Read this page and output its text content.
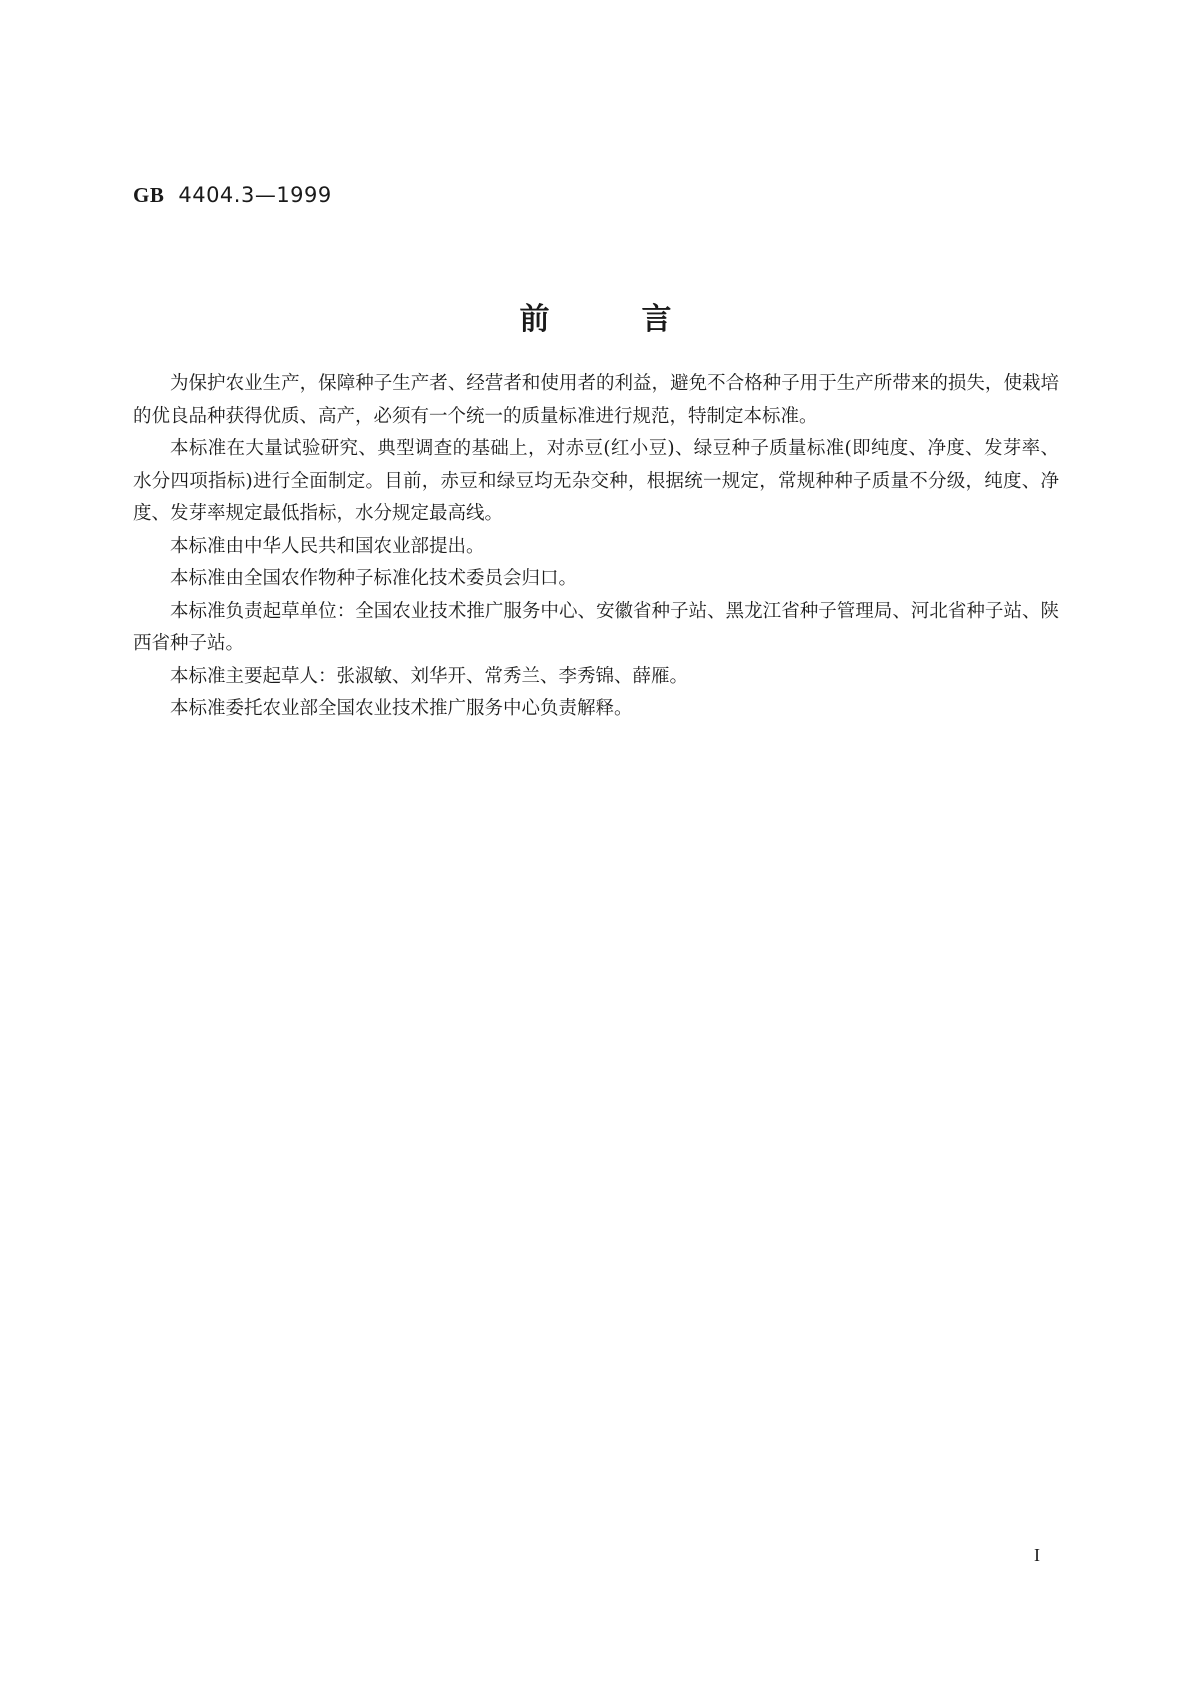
GB 4404.3—1999
前	言

为保护农业生产，保障种子生产者、经营者和使用者的利益，避免不合格种子用于生产所带来的损失，使栽培的优良品种获得优质、高产，必须有一个统一的质量标准进行规范，特制定本标准。

本标准在大量试验研究、典型调查的基础上，对赤豆(红小豆)、绿豆种子质量标准(即纯度、净度、发芽率、水分四项指标)进行全面制定。目前，赤豆和绿豆均无杂交种，根据统一规定，常规种种子质量不分级，纯度、净度、发芽率规定最低指标，水分规定最高线。

本标准由中华人民共和国农业部提出。

本标准由全国农作物种子标准化技术委员会归口。

本标准负责起草单位：全国农业技术推广服务中心、安徽省种子站、黑龙江省种子管理局、河北省种子站、陕西省种子站。

本标准主要起草人：张淑敏、刘华开、常秀兰、李秀锦、薛雁。

本标准委托农业部全国农业技术推广服务中心负责解释。

I
